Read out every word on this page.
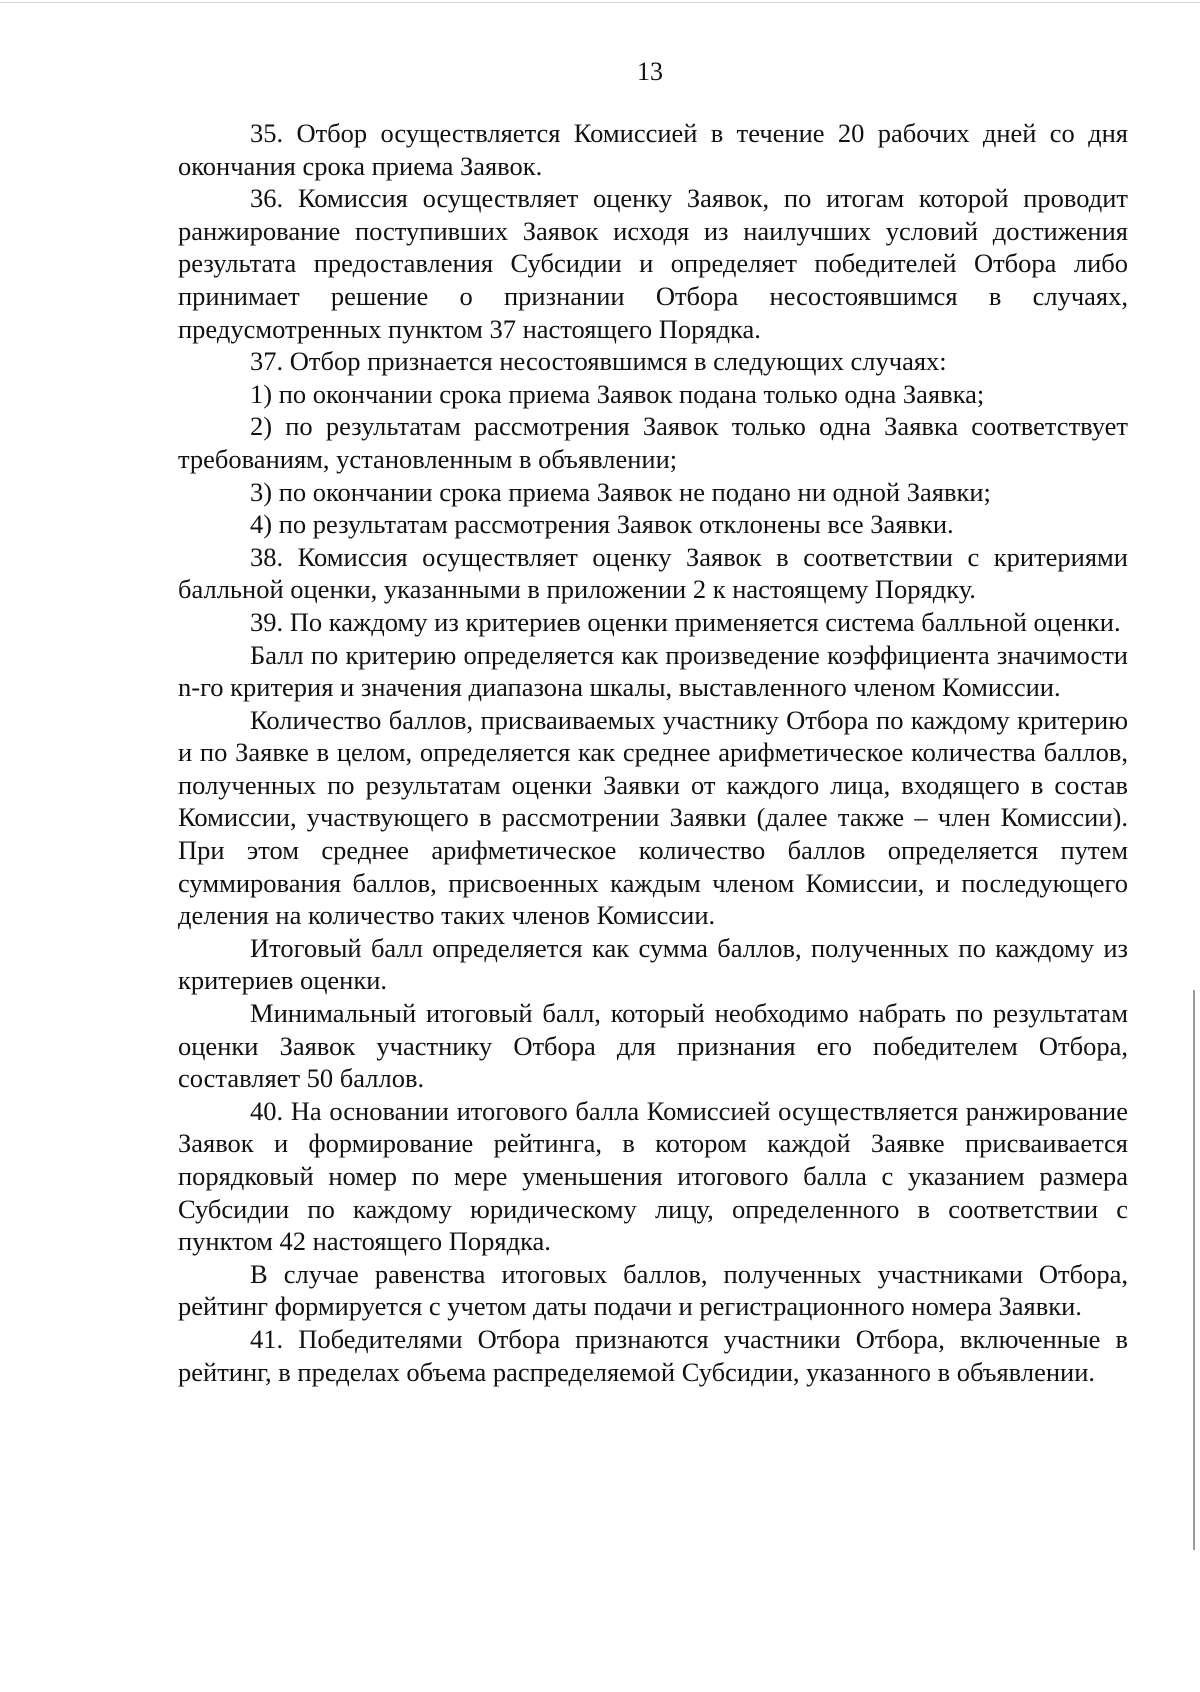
13

35. Отбор осуществляется Комиссией в течение 20 рабочих дней со дня окончания срока приема Заявок.

36. Комиссия осуществляет оценку Заявок, по итогам которой проводит ранжирование поступивших Заявок исходя из наилучших условий достижения результата предоставления Субсидии и определяет победителей Отбора либо принимает решение о признании Отбора несостоявшимся в случаях, предусмотренных пунктом 37 настоящего Порядка.

37. Отбор признается несостоявшимся в следующих случаях:

1) по окончании срока приема Заявок подана только одна Заявка;

2) по результатам рассмотрения Заявок только одна Заявка соответствует требованиям, установленным в объявлении;

3) по окончании срока приема Заявок не подано ни одной Заявки;

4) по результатам рассмотрения Заявок отклонены все Заявки.

38. Комиссия осуществляет оценку Заявок в соответствии с критериями балльной оценки, указанными в приложении 2 к настоящему Порядку.

39. По каждому из критериев оценки применяется система балльной оценки.

Балл по критерию определяется как произведение коэффициента значимости n-го критерия и значения диапазона шкалы, выставленного членом Комиссии.

Количество баллов, присваиваемых участнику Отбора по каждому критерию и по Заявке в целом, определяется как среднее арифметическое количества баллов, полученных по результатам оценки Заявки от каждого лица, входящего в состав Комиссии, участвующего в рассмотрении Заявки (далее также – член Комиссии). При этом среднее арифметическое количество баллов определяется путем суммирования баллов, присвоенных каждым членом Комиссии, и последующего деления на количество таких членов Комиссии.

Итоговый балл определяется как сумма баллов, полученных по каждому из критериев оценки.

Минимальный итоговый балл, который необходимо набрать по результатам оценки Заявок участнику Отбора для признания его победителем Отбора, составляет 50 баллов.

40. На основании итогового балла Комиссией осуществляется ранжирование Заявок и формирование рейтинга, в котором каждой Заявке присваивается порядковый номер по мере уменьшения итогового балла с указанием размера Субсидии по каждому юридическому лицу, определенного в соответствии с пунктом 42 настоящего Порядка.

В случае равенства итоговых баллов, полученных участниками Отбора, рейтинг формируется с учетом даты подачи и регистрационного номера Заявки.

41. Победителями Отбора признаются участники Отбора, включенные в рейтинг, в пределах объема распределяемой Субсидии, указанного в объявлении.
